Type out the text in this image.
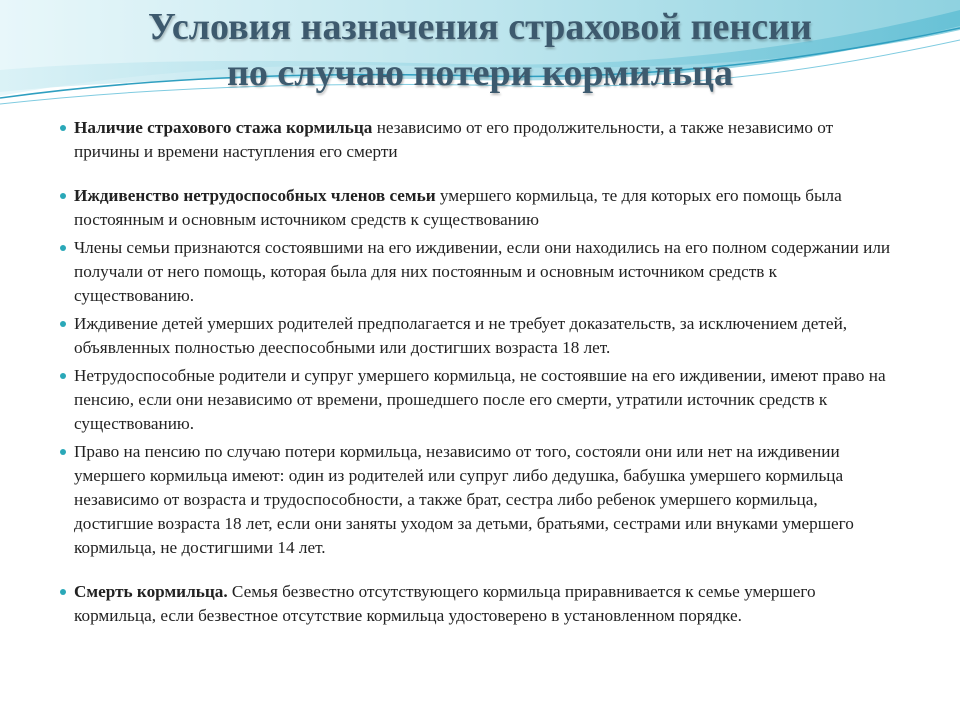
Условия назначения страховой пенсии
по случаю потери кормильца
Наличие страхового стажа кормильца независимо от его продолжительности, а также независимо от причины и времени наступления его смерти
Иждивенство нетрудоспособных членов семьи умершего кормильца, те для которых его помощь была постоянным и основным источником средств к существованию
Члены семьи признаются состоявшими на его иждивении, если они находились на его полном содержании или получали от него помощь, которая была для них постоянным и основным источником средств к существованию.
Иждивение детей умерших родителей предполагается и не требует доказательств, за исключением детей, объявленных полностью дееспособными или достигших возраста 18 лет.
Нетрудоспособные родители и супруг умершего кормильца, не состоявшие на его иждивении, имеют право на пенсию, если они независимо от времени, прошедшего после его смерти, утратили источник средств к существованию.
Право на пенсию по случаю потери кормильца, независимо от того, состояли они или нет на иждивении умершего кормильца имеют: один из родителей или супруг либо дедушка, бабушка умершего кормильца независимо от возраста и трудоспособности, а также брат, сестра либо ребенок умершего кормильца, достигшие возраста 18 лет, если они заняты уходом за детьми, братьями, сестрами или внуками умершего кормильца, не достигшими 14 лет.
Смерть кормильца. Семья безвестно отсутствующего кормильца приравнивается к семье умершего кормильца, если безвестное отсутствие кормильца удостоверено в установленном порядке.
